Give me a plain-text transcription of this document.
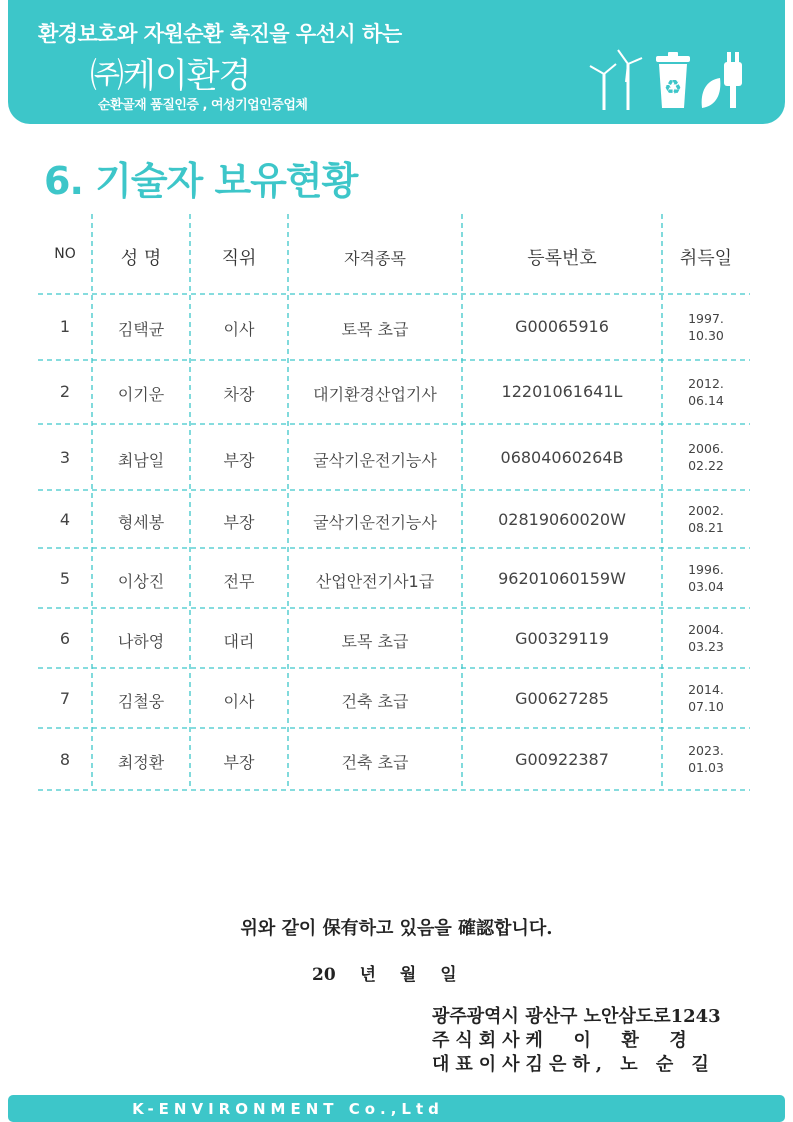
환경보호와 자원순환 촉진을 우선시 하는
㈜케이환경
순환골재 품질인증 , 여성기업인증업체
♻
6. 기술자 보유현황
NO	성 명	직위	자격종목	등록번호	취득일
1	김택균	이사	토목 초급	G00065916	1997.
10.30
2	이기운	차장	대기환경산업기사	12201061641L	2012.
06.14
3	최남일	부장	굴삭기운전기능사	06804060264B	2006.
02.22
4	형세봉	부장	굴삭기운전기능사	02819060020W	2002.
08.21
5	이상진	전무	산업안전기사1급	96201060159W	1996.
03.04
6	나하영	대리	토목 초급	G00329119	2004.
03.23
7	김철웅	이사	건축 초급	G00627285	2014.
07.10
8	최정환	부장	건축 초급	G00922387	2023.
01.03
위와 같이 保有하고 있음을 確認합니다.
20 년 월 일
광주광역시 광산구 노안삼도로1243
주식회사케  이  환  경
대표이사김은하, 노 순 길
K-ENVIRONMENT Co.,Ltd
